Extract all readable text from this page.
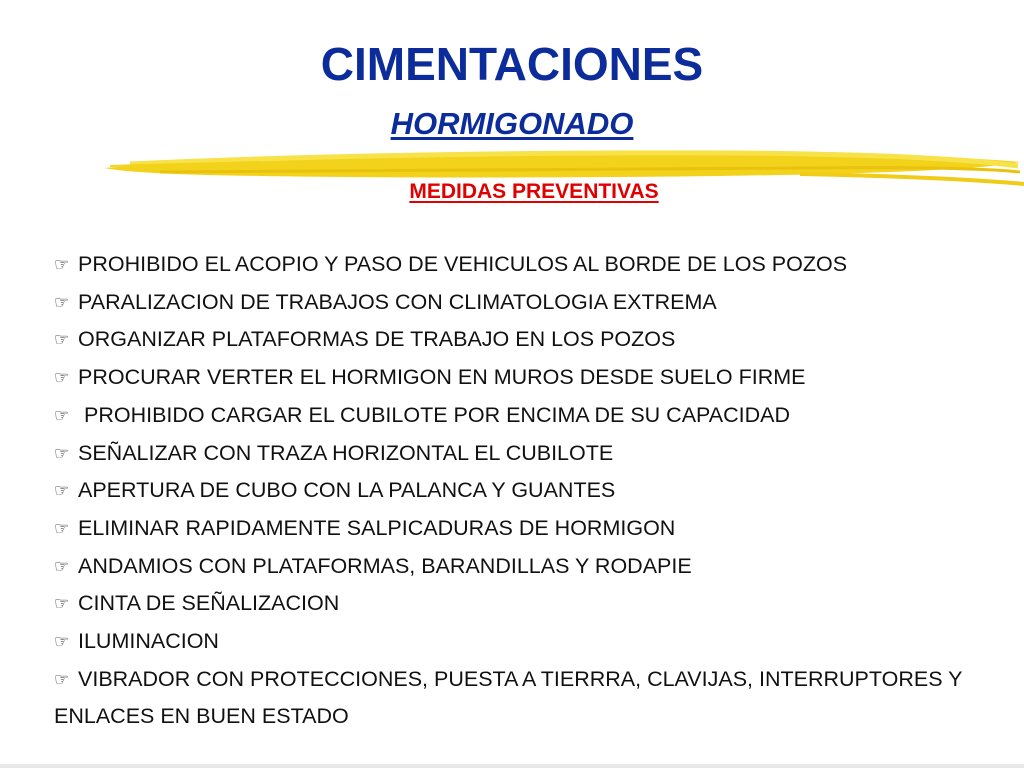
CIMENTACIONES
HORMIGONADO
MEDIDAS PREVENTIVAS
☞ PROHIBIDO EL ACOPIO Y PASO DE VEHICULOS AL BORDE DE LOS POZOS
☞ PARALIZACION DE TRABAJOS CON CLIMATOLOGIA EXTREMA
☞ ORGANIZAR PLATAFORMAS DE TRABAJO EN LOS POZOS
☞ PROCURAR VERTER EL HORMIGON EN MUROS DESDE SUELO FIRME
☞ PROHIBIDO CARGAR EL CUBILOTE POR ENCIMA DE SU CAPACIDAD
☞ SEÑALIZAR CON TRAZA HORIZONTAL EL CUBILOTE
☞ APERTURA DE CUBO CON LA PALANCA Y GUANTES
☞ ELIMINAR RAPIDAMENTE SALPICADURAS DE HORMIGON
☞ ANDAMIOS CON PLATAFORMAS, BARANDILLAS Y RODAPIE
☞ CINTA DE SEÑALIZACION
☞ ILUMINACION
☞ VIBRADOR CON PROTECCIONES, PUESTA A TIERRRA, CLAVIJAS, INTERRUPTORES Y ENLACES EN BUEN ESTADO
